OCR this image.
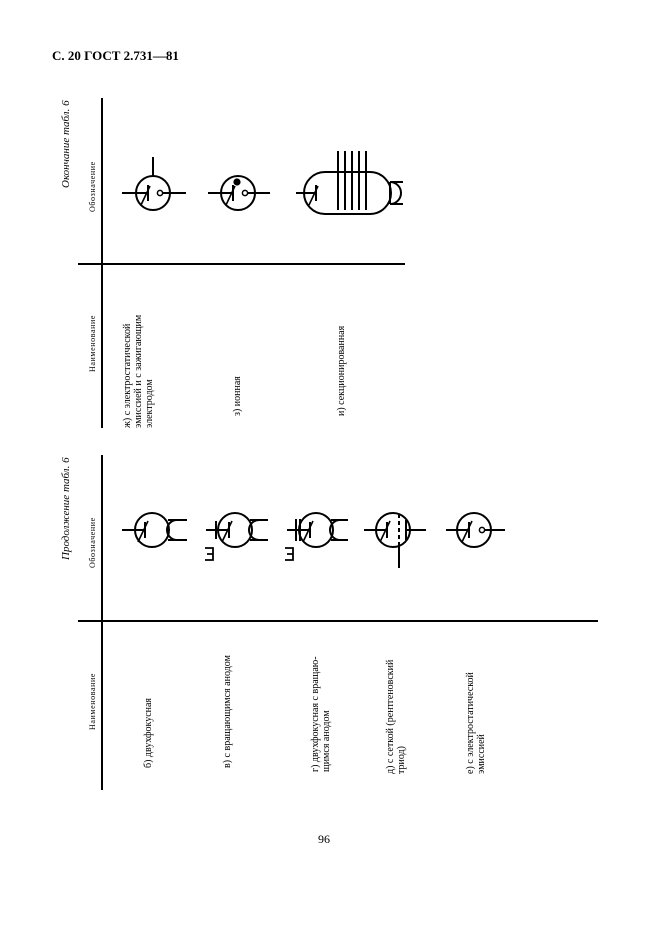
С. 20 ГОСТ 2.731—81
Окончание табл. 6
Наименование
Обозначение
ж) с электростатической эмиссией и с зажигающим электродом	з) ионная	и) секционированная
Продолжение табл. 6
Наименование
Обозначение
б) двухфокусная	в) с вращающимся анодом	г) двухфокусная с вращаю- щимся анодом	д) с сеткой (рентгеновский триод)	е) с электростатической эмиссией
96
